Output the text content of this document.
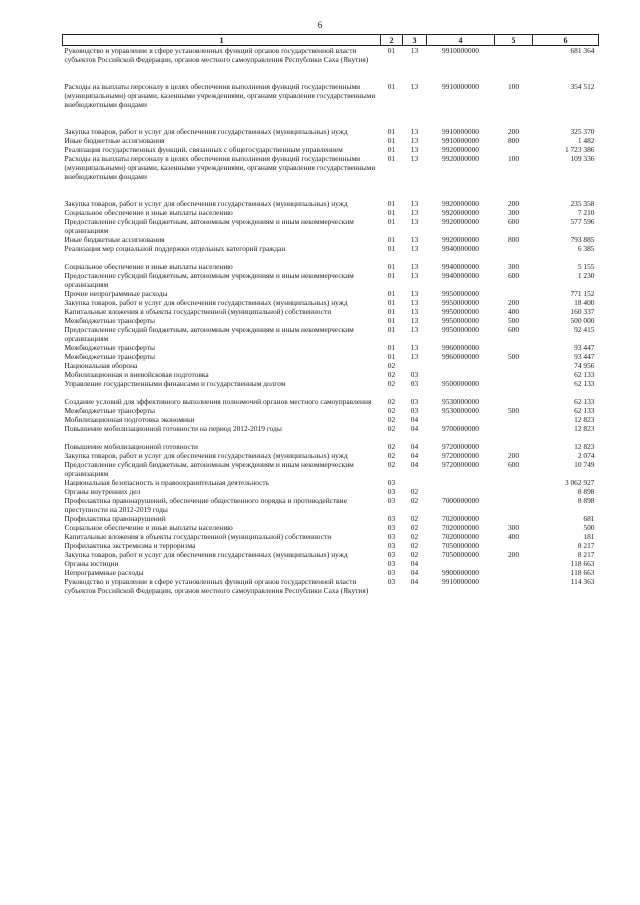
6
1	2	3	4	5	6
Руководство и управление в сфере установленных функций органов государственной власти субъектов Российской Федерации, органов местного самоуправления Республики Саха (Якутия)	01	13	9910000000		681 364

Расходы на выплаты персоналу в целях обеспечения выполнения функций государственными (муниципальными) органами, казенными учреждениями, органами управления государственными внебюджетными фондами	01	13	9910000000	100	354 512

Закупка товаров, работ и услуг для обеспечения государственных (муниципальных) нужд	01	13	9910000000	200	325 370
Иные бюджетные ассигнования	01	13	9910000000	800	1 482
Реализация государственных функций, связанных с общегосударственным управлением	01	13	9920000000		1 723 386
Расходы на выплаты персоналу в целях обеспечения выполнения функций государственными (муниципальными) органами, казенными учреждениями, органами управления государственными внебюджетными фондами	01	13	9920000000	100	109 336

Закупка товаров, работ и услуг для обеспечения государственных (муниципальных) нужд	01	13	9920000000	200	235 358
Социальное обеспечение и иные выплаты населению	01	13	9920000000	300	7 210
Предоставление субсидий бюджетным, автономным учреждениям и иным некоммерческим организациям	01	13	9920000000	600	577 596
Иные бюджетные ассигнования	01	13	9920000000	800	793 885
Реализация мер социальной поддержки отдельных категорий граждан	01	13	9940000000		6 385

Социальное обеспечение и иные выплаты населению	01	13	9940000000	300	5 155
Предоставление субсидий бюджетным, автономным учреждениям и иным некоммерческим организациям	01	13	9940000000	600	1 230
Прочие непрограммные расходы	01	13	9950000000		771 152
Закупка товаров, работ и услуг для обеспечения государственных (муниципальных) нужд	01	13	9950000000	200	18 400
Капитальные вложения в объекты государственной (муниципальной) собственности	01	13	9950000000	400	160 337
Межбюджетные трансферты	01	13	9950000000	500	500 000
Предоставление субсидий бюджетным, автономным учреждениям и иным некоммерческим организациям	01	13	9950000000	600	92 415
Межбюджетные трансферты	01	13	9960000000		93 447
Межбюджетные трансферты	01	13	9960000000	500	93 447
Национальная оборона	02				74 956
Мобилизационная и вневойсковая подготовка	02	03			62 133
Управление государственными финансами и государственным долгом	02	03	9500000000		62 133

Создание условий для эффективного выполнения полномочий органов местного самоуправления	02	03	9530000000		62 133
Межбюджетные трансферты	02	03	9530000000	500	62 133
Мобилизационная подготовка экономики	02	04			12 823
Повышение мобилизационной готовности на период 2012-2019 годы	02	04	9700000000		12 823

Повышение мобилизационной готовности	02	04	9720000000		12 823
Закупка товаров, работ и услуг для обеспечения государственных (муниципальных) нужд	02	04	9720000000	200	2 074
Предоставление субсидий бюджетным, автономным учреждениям и иным некоммерческим организациям	02	04	9720000000	600	10 749
Национальная безопасность и правоохранительная деятельность	03				3 062 927
Органы внутренних дел	03	02			8 898
Профилактика правонарушений, обеспечение общественного порядка и противодействие преступности на 2012-2019 годы	03	02	7000000000		8 898
Профилактика правонарушений	03	02	7020000000		681
Социальное обеспечение и иные выплаты населению	03	02	7020000000	300	500
Капитальные вложения в объекты государственной (муниципальной) собственности	03	02	7020000000	400	181
Профилактика экстремизма и терроризма	03	02	7050000000		8 217
Закупка товаров, работ и услуг для обеспечения государственных (муниципальных) нужд	03	02	7050000000	200	8 217
Органы юстиции	03	04			118 663
Непрограммные расходы	03	04	9900000000		118 663
Руководство и управление в сфере установленных функций органов государственной власти субъектов Российской Федерации, органов местного самоуправления Республики Саха (Якутия)	03	04	9910000000		114 363
